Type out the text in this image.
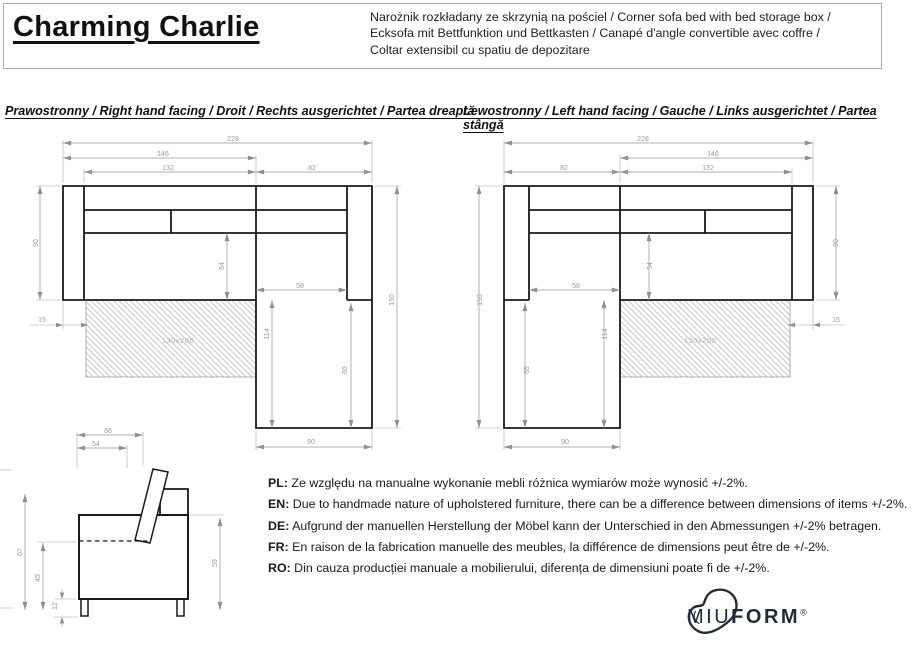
130x200
228
146
132	82
90
150
54
58
114
65
90
15
130x200
228
146
132
82
90
150
54
58
114
65
90
15
66
54
67
45
12
59
Charming Charlie	Narożnik rozkładany ze skrzynią na pościel / Corner sofa bed with bed storage box /
Ecksofa mit Bettfunktion und Bettkasten / Canapé d'angle convertible avec coffre /
Coltar extensibil cu spatiu de depozitare
Prawostronny / Right hand facing / Droit / Rechts ausgerichtet / Partea dreaptă
Lewostronny / Left hand facing / Gauche / Links ausgerichtet / Partea stângă
PL: Ze względu na manualne wykonanie mebli różnica wymiarów może wynosić +/-2%.
EN: Due to handmade nature of upholstered furniture, there can be a difference between dimensions of items +/-2%.
DE: Aufgrund der manuellen Herstellung der Möbel kann der Unterschied in den Abmessungen +/-2% betragen.
FR: En raison de la fabrication manuelle des meubles, la différence de dimensions peut être de +/-2%.
RO: Din cauza producției manuale a mobilierului, diferența de dimensiuni poate fi de +/-2%.
MIUFORM®
